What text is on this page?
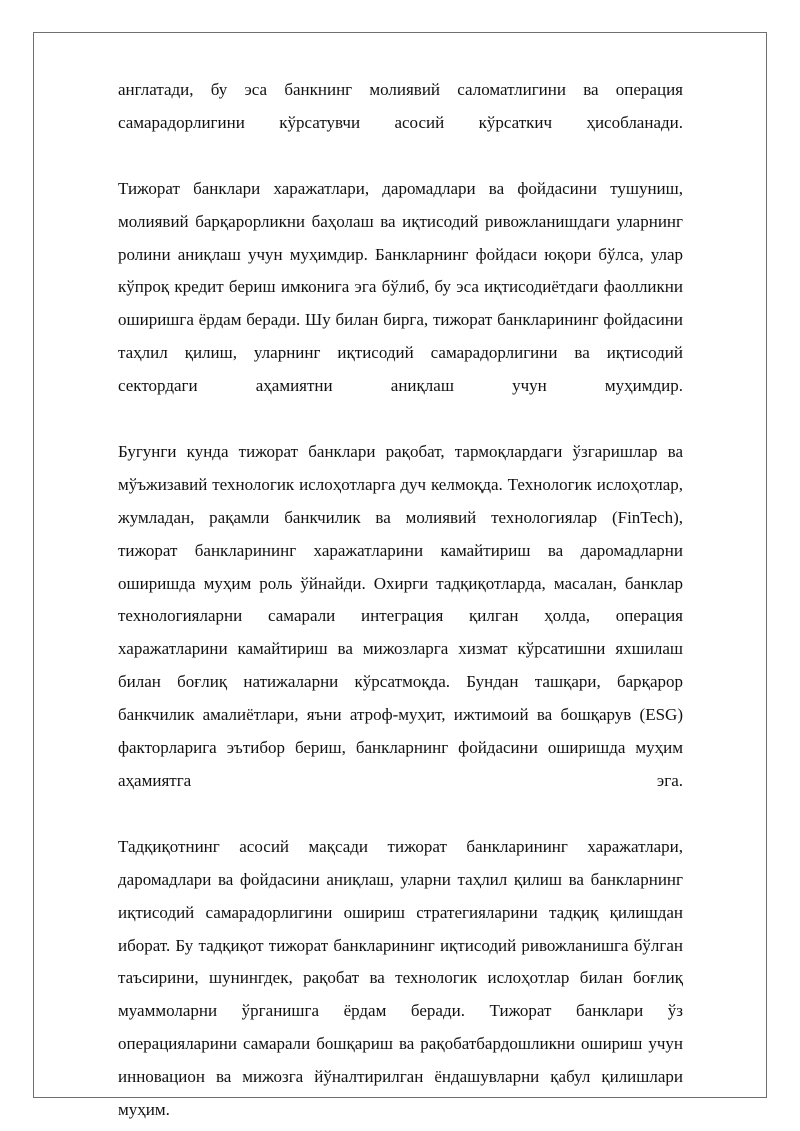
англатади, бу эса банкнинг молиявий саломатлигини ва операция самарадорлигини кўрсатувчи асосий кўрсаткич ҳисобланади.

Тижорат банклари харажатлари, даромадлари ва фойдасини тушуниш, молиявий барқарорликни баҳолаш ва иқтисодий ривожланишдаги уларнинг ролини аниқлаш учун муҳимдир. Банкларнинг фойдаси юқори бўлса, улар кўпроқ кредит бериш имконига эга бўлиб, бу эса иқтисодиётдаги фаолликни оширишга ёрдам беради. Шу билан бирга, тижорат банкларининг фойдасини таҳлил қилиш, уларнинг иқтисодий самарадорлигини ва иқтисодий сектордаги аҳамиятни аниқлаш учун муҳимдир.

Бугунги кунда тижорат банклари рақобат, тармоқлардаги ўзгаришлар ва мўъжизавий технологик ислоҳотларга дуч келмоқда. Технологик ислоҳотлар, жумладан, рақамли банкчилик ва молиявий технологиялар (FinTech), тижорат банкларининг харажатларини камайтириш ва даромадларни оширишда муҳим роль ўйнайди. Охирги тадқиқотларда, масалан, банклар технологияларни самарали интеграция қилган ҳолда, операция харажатларини камайтириш ва мижозларга хизмат кўрсатишни яхшилаш билан боғлиқ натижаларни кўрсатмоқда. Бундан ташқари, барқарор банкчилик амалиётлари, яъни атроф-муҳит, ижтимоий ва бошқарув (ESG) факторларига эътибор бериш, банкларнинг фойдасини оширишда муҳим аҳамиятга эга.

Тадқиқотнинг асосий мақсади тижорат банкларининг харажатлари, даромадлари ва фойдасини аниқлаш, уларни таҳлил қилиш ва банкларнинг иқтисодий самарадорлигини ошириш стратегияларини тадқиқ қилишдан иборат. Бу тадқиқот тижорат банкларининг иқтисодий ривожланишга бўлган таъсирини, шунингдек, рақобат ва технологик ислоҳотлар билан боғлиқ муаммоларни ўрганишга ёрдам беради. Тижорат банклари ўз операцияларини самарали бошқариш ва рақобатбардошликни ошириш учун инновацион ва мижозга йўналтирилган ёндашувларни қабул қилишлари муҳим.
